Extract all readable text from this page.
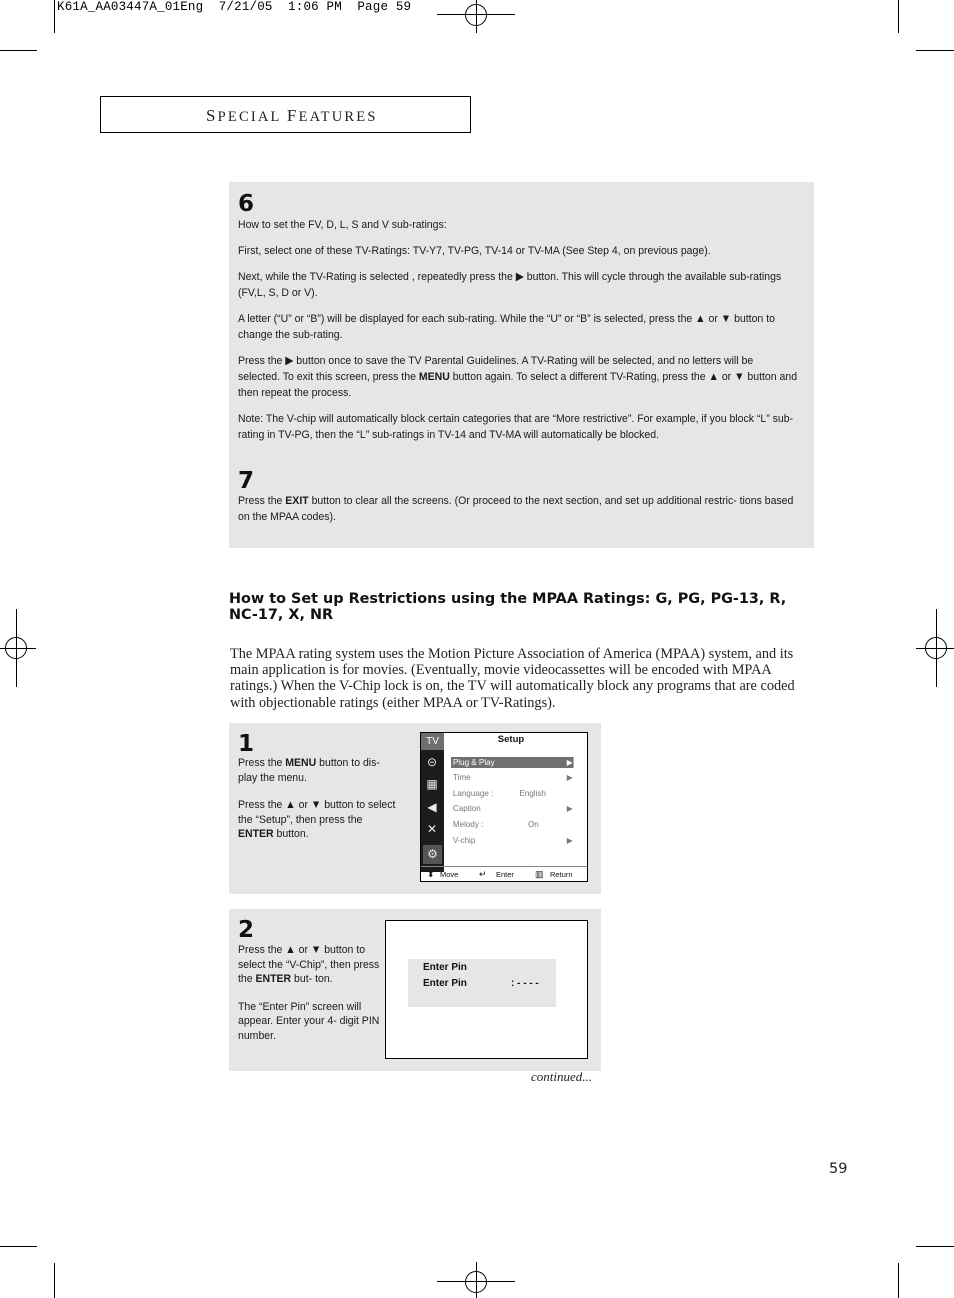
K61A_AA03447A_01Eng  7/21/05  1:06 PM  Page 59
SPECIAL FEATURES
6

How to set the FV, D, L, S and V sub-ratings:

First, select one of these TV-Ratings: TV-Y7, TV-PG, TV-14 or TV-MA (See Step 4, on previous page).

Next, while the TV-Rating is selected , repeatedly press the ▶ button. This will cycle through the available sub-ratings (FV,L, S, D or V).

A letter (“U” or “B”) will be displayed for each sub-rating. While the “U” or “B” is selected, press the ▲ or ▼ button to change the sub-rating.

Press the ▶ button once to save the TV Parental Guidelines. A TV-Rating will be selected, and no letters will be selected. To exit this screen, press the MENU button again. To select a different TV-Rating, press the ▲ or ▼ button and then repeat the process.

Note: The V-chip will automatically block certain categories that are “More restrictive”. For example, if you block “L” sub-rating in TV-PG, then the “L” sub-ratings in TV-14 and TV-MA will automatically be blocked.

7

Press the EXIT button to clear all the screens. (Or proceed to the next section, and set up additional restric- tions based on the MPAA codes).

How to Set up Restrictions using the MPAA Ratings: G, PG, PG-13, R, NC-17, X, NR
The MPAA rating system uses the Motion Picture Association of America (MPAA) system, and its main application is for movies. (Eventually, movie videocassettes will be encoded with MPAA ratings.) When the V-Chip lock is on, the TV will automatically block any programs that are coded with objectionable ratings (either MPAA or TV-Ratings).
1

Press the MENU button to dis- play the menu.

Press the ▲ or ▼ button to select the “Setup”, then press the ENTER button.

TV
⊝
▦
◀
✕
⚙
Setup
Plug & Play	▶
Time	▶
Language :	English
Caption	▶
Melody :	On
V-chip	▶
⬍ Move ↵ Enter ▥ Return
2

Press the ▲ or ▼ button to select the “V-Chip”, then press the ENTER but- ton.

The “Enter Pin” screen will appear. Enter your 4- digit PIN number.

Enter Pin
Enter Pin	: - - - -
continued...
59
